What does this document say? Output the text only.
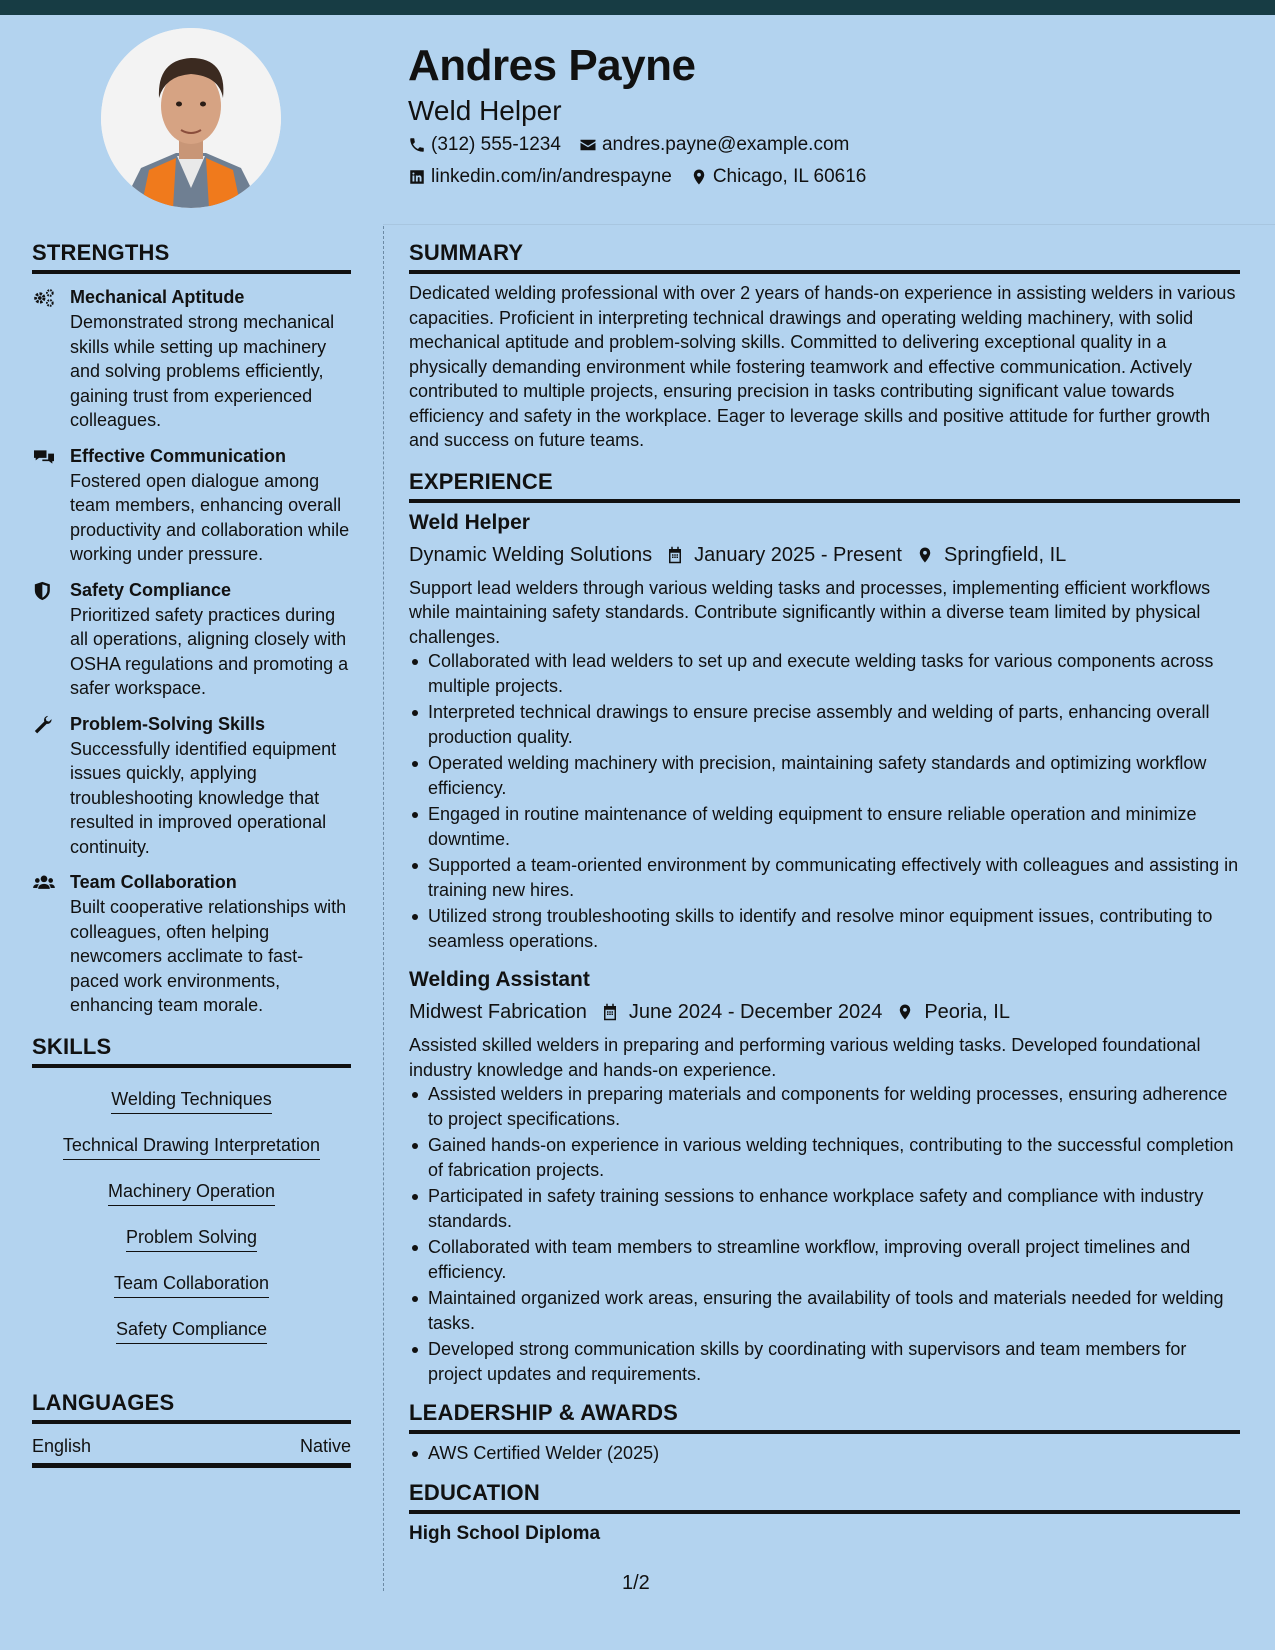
Andres Payne
Weld Helper
(312) 555-1234 andres.payne@example.com
linkedin.com/in/andrespayne Chicago, IL 60616
STRENGTHS
Mechanical Aptitude
Demonstrated strong mechanical skills while setting up machinery and solving problems efficiently, gaining trust from experienced colleagues.
Effective Communication
Fostered open dialogue among team members, enhancing overall productivity and collaboration while working under pressure.
Safety Compliance
Prioritized safety practices during all operations, aligning closely with OSHA regulations and promoting a safer workspace.
Problem-Solving Skills
Successfully identified equipment issues quickly, applying troubleshooting knowledge that resulted in improved operational continuity.
Team Collaboration
Built cooperative relationships with colleagues, often helping newcomers acclimate to fast-paced work environments, enhancing team morale.
SKILLS
Welding Techniques
Technical Drawing Interpretation
Machinery Operation
Problem Solving
Team Collaboration
Safety Compliance
LANGUAGES
English	Native
SUMMARY
Dedicated welding professional with over 2 years of hands-on experience in assisting welders in various capacities. Proficient in interpreting technical drawings and operating welding machinery, with solid mechanical aptitude and problem-solving skills. Committed to delivering exceptional quality in a physically demanding environment while fostering teamwork and effective communication. Actively contributed to multiple projects, ensuring precision in tasks contributing significant value towards efficiency and safety in the workplace. Eager to leverage skills and positive attitude for further growth and success on future teams.
EXPERIENCE
Weld Helper
Dynamic Welding Solutions January 2025 - Present Springfield, IL
Support lead welders through various welding tasks and processes, implementing efficient workflows while maintaining safety standards. Contribute significantly within a diverse team limited by physical challenges.
Collaborated with lead welders to set up and execute welding tasks for various components across multiple projects.
Interpreted technical drawings to ensure precise assembly and welding of parts, enhancing overall production quality.
Operated welding machinery with precision, maintaining safety standards and optimizing workflow efficiency.
Engaged in routine maintenance of welding equipment to ensure reliable operation and minimize downtime.
Supported a team-oriented environment by communicating effectively with colleagues and assisting in training new hires.
Utilized strong troubleshooting skills to identify and resolve minor equipment issues, contributing to seamless operations.
Welding Assistant
Midwest Fabrication June 2024 - December 2024 Peoria, IL
Assisted skilled welders in preparing and performing various welding tasks. Developed foundational industry knowledge and hands-on experience.
Assisted welders in preparing materials and components for welding processes, ensuring adherence to project specifications.
Gained hands-on experience in various welding techniques, contributing to the successful completion of fabrication projects.
Participated in safety training sessions to enhance workplace safety and compliance with industry standards.
Collaborated with team members to streamline workflow, improving overall project timelines and efficiency.
Maintained organized work areas, ensuring the availability of tools and materials needed for welding tasks.
Developed strong communication skills by coordinating with supervisors and team members for project updates and requirements.
LEADERSHIP & AWARDS
AWS Certified Welder (2025)
EDUCATION
High School Diploma
1/2
